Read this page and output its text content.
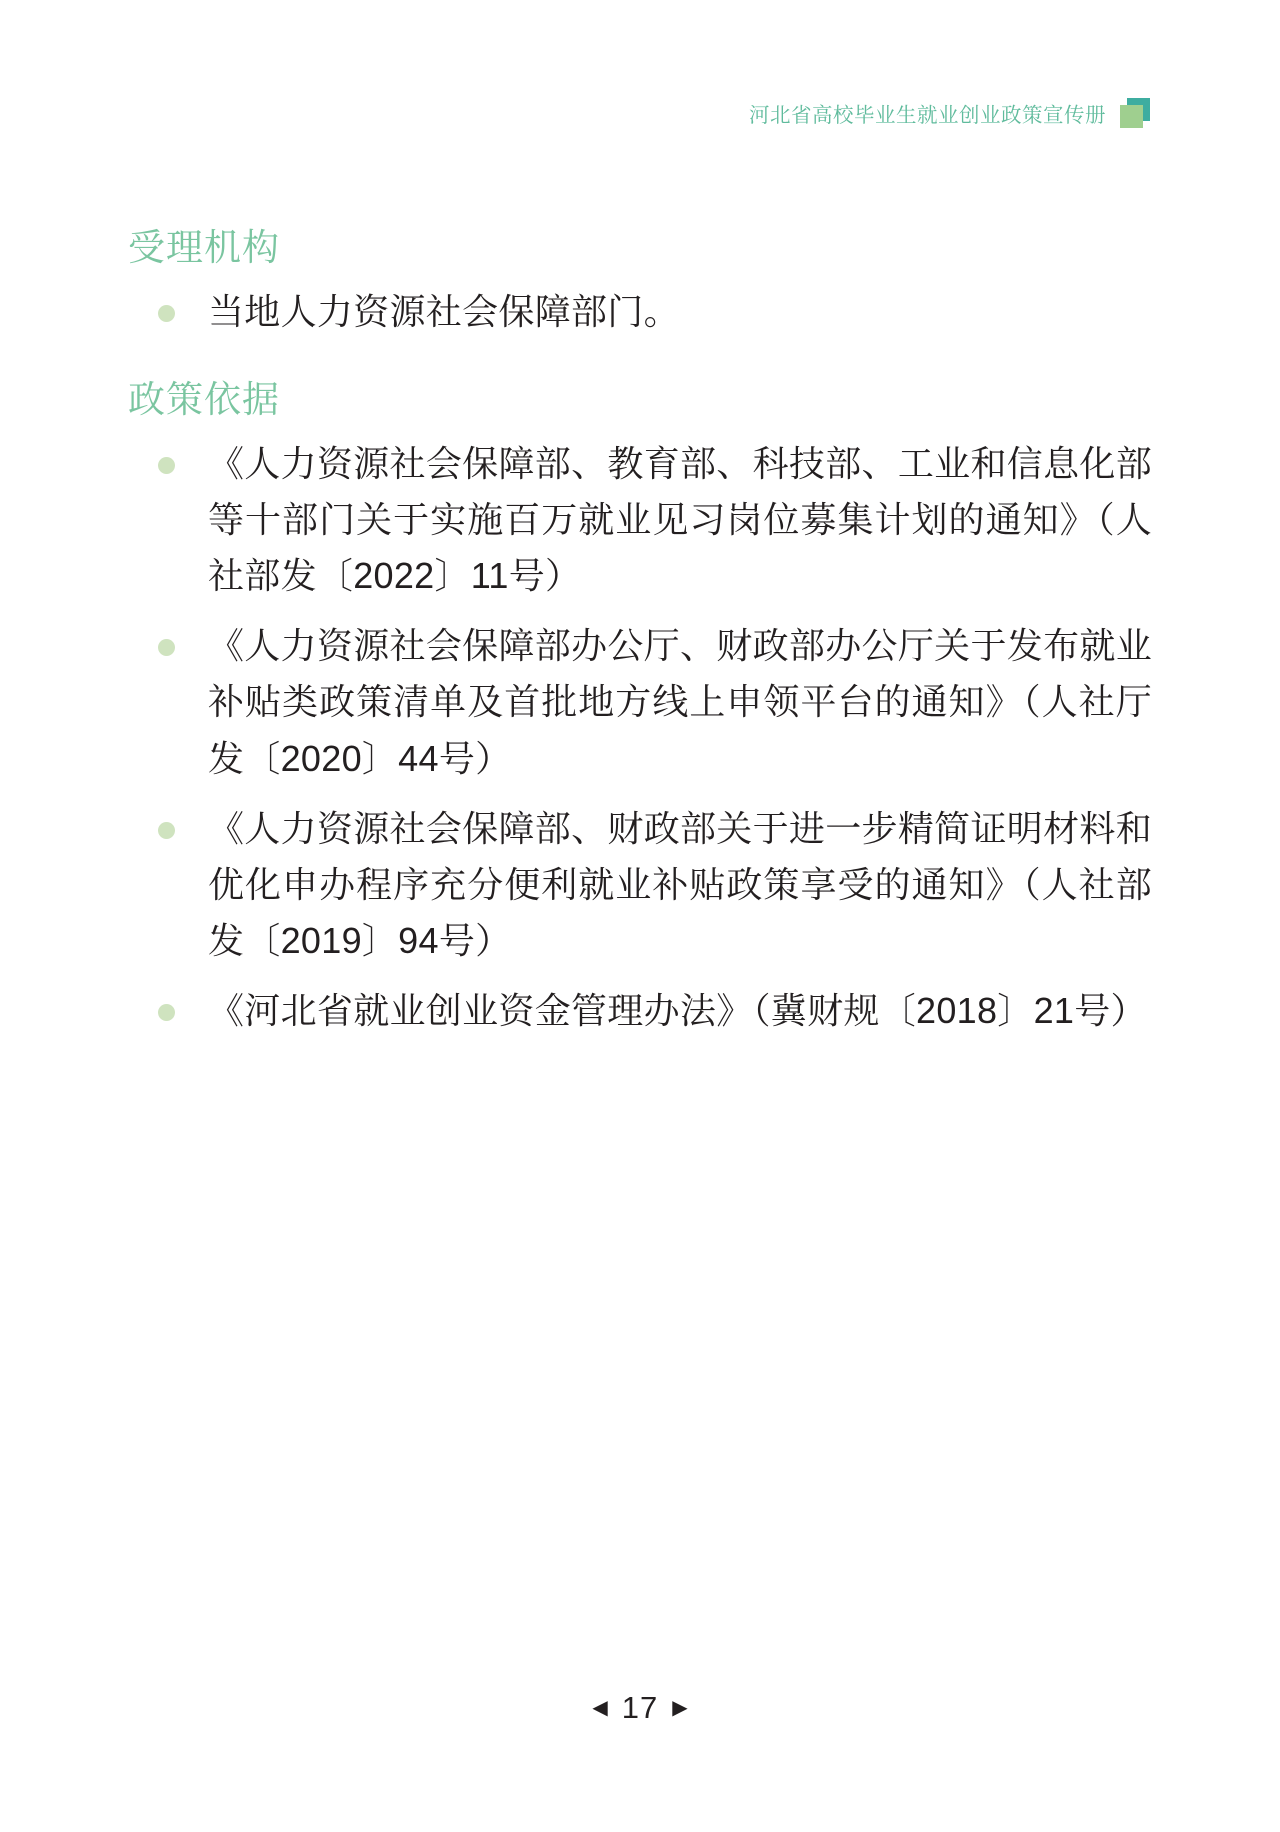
河北省高校毕业生就业创业政策宣传册
受理机构
当地人力资源社会保障部门。
政策依据
《人力资源社会保障部、教育部、科技部、工业和信息化部等十部门关于实施百万就业见习岗位募集计划的通知》（人社部发〔2022〕11号）
《人力资源社会保障部办公厅、财政部办公厅关于发布就业补贴类政策清单及首批地方线上申领平台的通知》（人社厅发〔2020〕44号）
《人力资源社会保障部、财政部关于进一步精简证明材料和优化申办程序充分便利就业补贴政策享受的通知》（人社部发〔2019〕94号）
《河北省就业创业资金管理办法》（冀财规〔2018〕21号）
◀ 17 ▶
